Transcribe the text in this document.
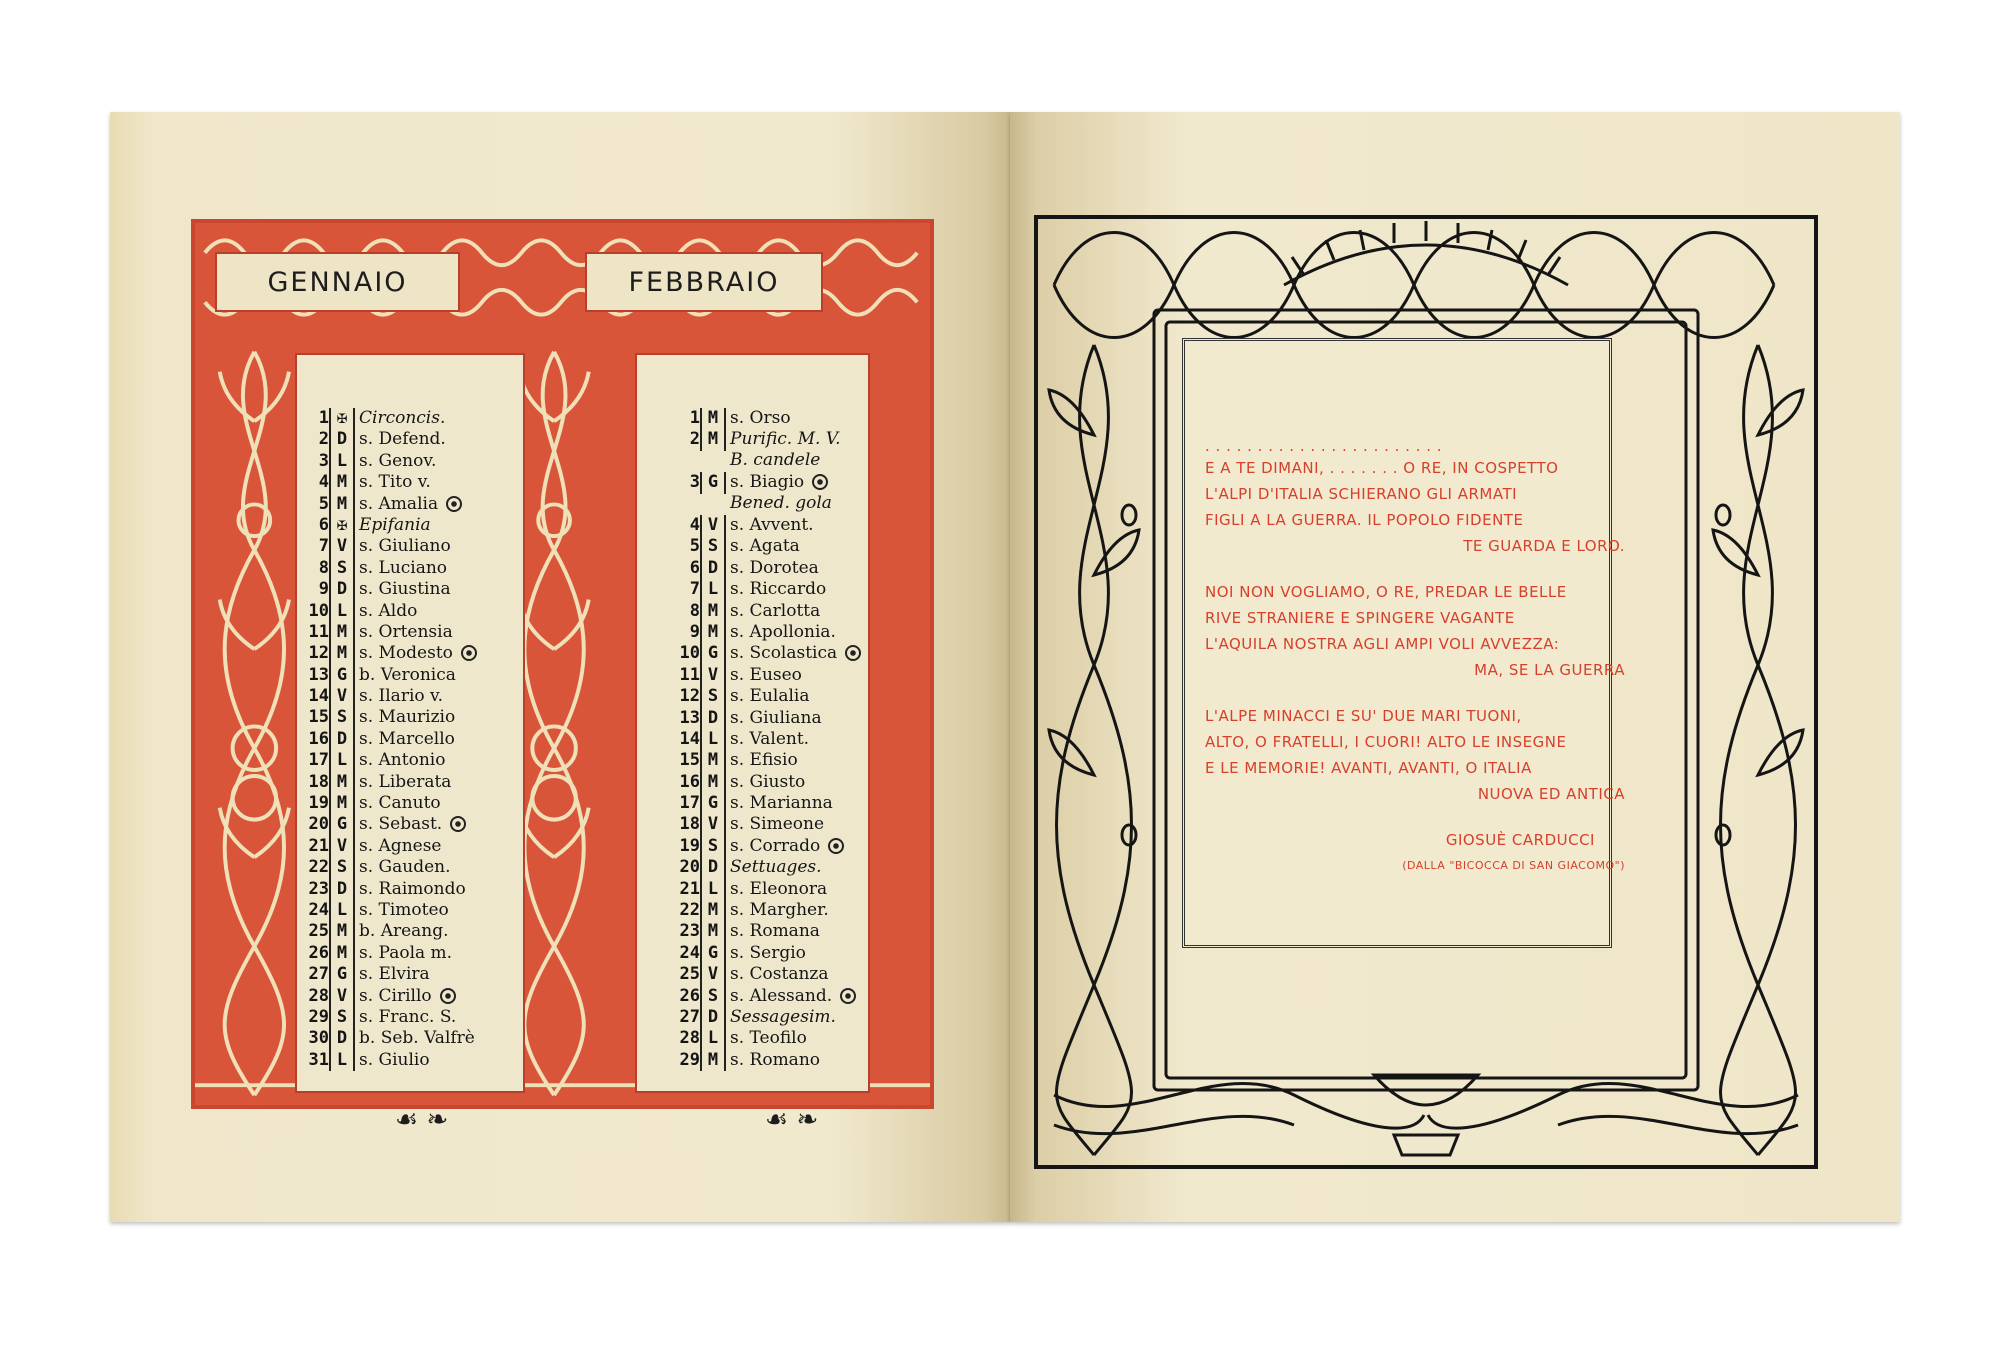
GENNAIO	FEBBRAIO
1 ✠ Circoncis.
2 D s. Defend.
3 L s. Genov.
4 M s. Tito v.
5 M s. Amalia
6 ✠ Epifania
7 V s. Giuliano
8 S s. Luciano
9 D s. Giustina
10 L s. Aldo
11 M s. Ortensia
12 M s. Modesto
13 G b. Veronica
14 V s. Ilario v.
15 S s. Maurizio
16 D s. Marcello
17 L s. Antonio
18 M s. Liberata
19 M s. Canuto
20 G s. Sebast.
21 V s. Agnese
22 S s. Gauden.
23 D s. Raimondo
24 L s. Timoteo
25 M b. Areang.
26 M s. Paola m.
27 G s. Elvira
28 V s. Cirillo
29 S s. Franc. S.
30 D b. Seb. Valfrè
31 L s. Giulio
1 M s. Orso
2 M Purific. M. V.
B. candele
3 G s. Biagio
Bened. gola
4 V s. Avvent.
5 S s. Agata
6 D s. Dorotea
7 L s. Riccardo
8 M s. Carlotta
9 M s. Apollonia.
10 G s. Scolastica
11 V s. Euseo
12 S s. Eulalia
13 D s. Giuliana
14 L s. Valent.
15 M s. Efisio
16 M s. Giusto
17 G s. Marianna
18 V s. Simeone
19 S s. Corrado
20 D Settuages.
21 L s. Eleonora
22 M s. Margher.
23 M s. Romana
24 G s. Sergio
25 V s. Costanza
26 S s. Alessand.
27 D Sessagesim.
28 L s. Teofilo
29 M s. Romano
☙ ❧	☙ ❧
. . . . . . . . . . . . . . . . . . . . . . .
E A TE DIMANI, . . . . . . . O RE, IN COSPETTO
L'ALPI D'ITALIA SCHIERANO GLI ARMATI
FIGLI A LA GUERRA. IL POPOLO FIDENTE
TE GUARDA E LORO.
NOI NON VOGLIAMO, O RE, PREDAR LE BELLE
RIVE STRANIERE E SPINGERE VAGANTE
L'AQUILA NOSTRA AGLI AMPI VOLI AVVEZZA:
MA, SE LA GUERRA
L'ALPE MINACCI E SU' DUE MARI TUONI,
ALTO, O FRATELLI, I CUORI! ALTO LE INSEGNE
E LE MEMORIE! AVANTI, AVANTI, O ITALIA
NUOVA ED ANTICA
GIOSUÈ CARDUCCI
(DALLA "BICOCCA DI SAN GIACOMO")
